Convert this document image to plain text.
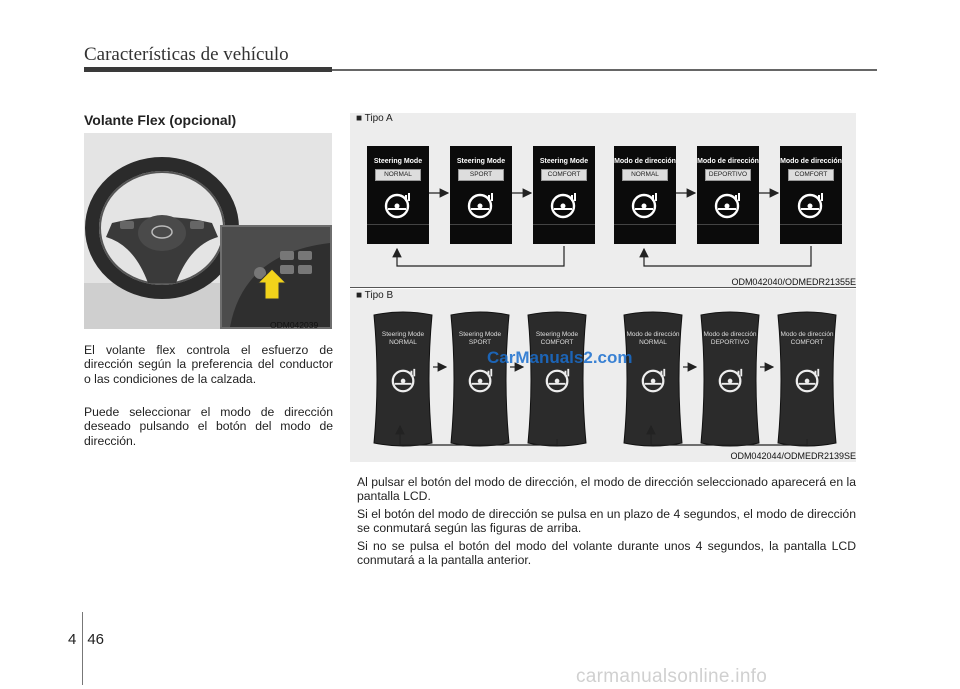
Características de vehículo
Volante Flex (opcional)
ODM042039
El volante flex controla el esfuerzo de dirección según la preferencia del conductor o las condiciones de la calzada.
Puede seleccionar el modo de dirección deseado pulsando el botón del modo de dirección.
■ Tipo A
Steering Mode
NORMAL
Steering Mode
SPORT
Steering Mode
COMFORT
Modo de dirección
NORMAL
Modo de dirección
DEPORTIVO
Modo de dirección
COMFORT
ODM042040/ODMEDR21355E
■ Tipo B
Steering Mode
NORMAL
Steering Mode
SPORT
Steering Mode
COMFORT
Modo de dirección
NORMAL
Modo de dirección
DEPORTIVO
Modo de dirección
COMFORT
ODM042044/ODMEDR2139SE
CarManuals2.com
Al pulsar el botón del modo de dirección, el modo de dirección seleccionado aparecerá en la pantalla LCD.
Si el botón del modo de dirección se pulsa en un plazo de 4 segundos, el modo de dirección se conmutará según las figuras de arriba.
Si no se pulsa el botón del modo del volante durante unos 4 segundos, la pantalla LCD conmutará a la pantalla anterior.
4 46
carmanualsonline.info
